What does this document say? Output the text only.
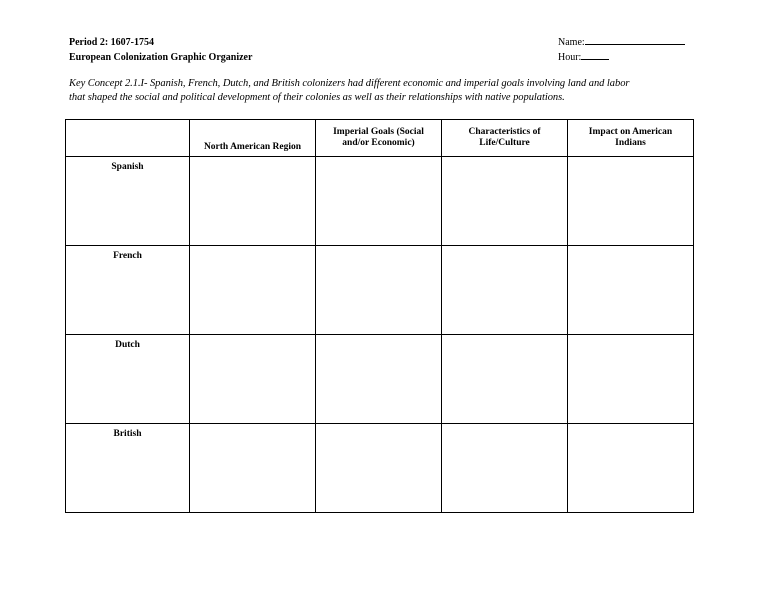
Period 2: 1607-1754
European Colonization Graphic Organizer
Name:
Hour:
Key Concept 2.1.I- Spanish, French, Dutch, and British colonizers had different economic and imperial goals involving land and labor
that shaped the social and political development of their colonies as well as their relationships with native populations.
	North American Region	Imperial Goals (Social and/or Economic)	Characteristics of Life/Culture	Impact on American Indians
Spanish				
French				
Dutch				
British				
